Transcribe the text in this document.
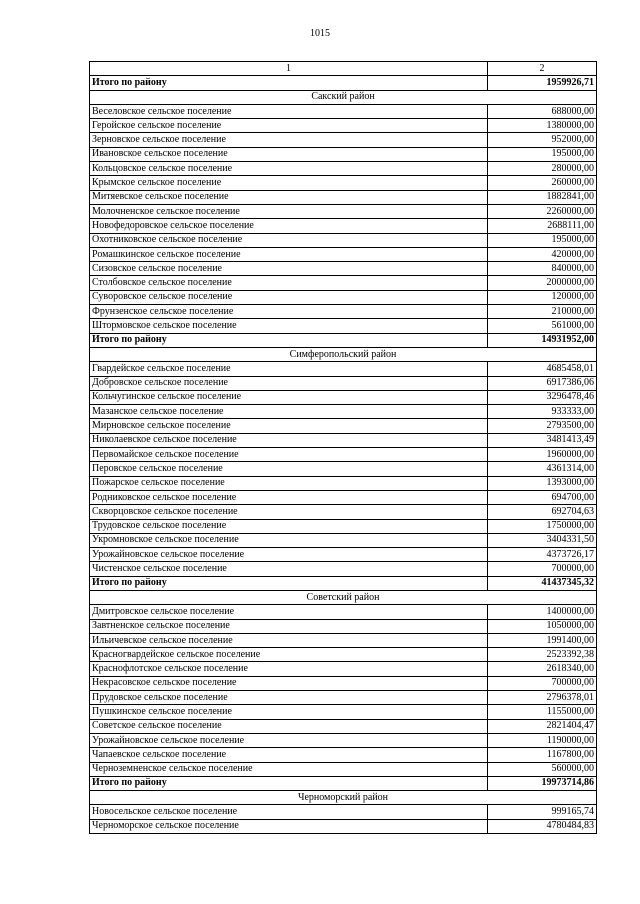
1015
1	2
Итого по району	1959926,71
Сакский район	
Веселовское сельское поселение	688000,00
Геройское сельское поселение	1380000,00
Зерновское сельское поселение	952000,00
Ивановское сельское поселение	195000,00
Кольцовское сельское поселение	280000,00
Крымское сельское поселение	260000,00
Митяевское сельское поселение	1882841,00
Молочненское сельское поселение	2260000,00
Новофедоровское сельское поселение	2688111,00
Охотниковское сельское поселение	195000,00
Ромашкинское сельское поселение	420000,00
Сизовское сельское поселение	840000,00
Столбовское сельское поселение	2000000,00
Суворовское сельское поселение	120000,00
Фрунзенское сельское поселение	210000,00
Штормовское сельское поселение	561000,00
Итого по району	14931952,00
Симферопольский район	
Гвардейское сельское поселение	4685458,01
Добровское сельское поселение	6917386,06
Кольчугинское сельское поселение	3296478,46
Мазанское сельское поселение	933333,00
Мирновское сельское поселение	2793500,00
Николаевское сельское поселение	3481413,49
Первомайское сельское поселение	1960000,00
Перовское сельское поселение	4361314,00
Пожарское сельское поселение	1393000,00
Родниковское сельское поселение	694700,00
Скворцовское сельское поселение	692704,63
Трудовское сельское поселение	1750000,00
Укромновское сельское поселение	3404331,50
Урожайновское сельское поселение	4373726,17
Чистенское сельское поселение	700000,00
Итого по району	41437345,32
Советский район	
Дмитровское сельское поселение	1400000,00
Завтненское сельское поселение	1050000,00
Ильичевское сельское поселение	1991400,00
Красногвардейское сельское поселение	2523392,38
Краснофлотское сельское поселение	2618340,00
Некрасовское сельское поселение	700000,00
Прудовское сельское поселение	2796378,01
Пушкинское сельское поселение	1155000,00
Советское сельское поселение	2821404,47
Урожайновское сельское поселение	1190000,00
Чапаевское сельское поселение	1167800,00
Черноземненское сельское поселение	560000,00
Итого по району	19973714,86
Черноморский район	
Новосельское сельское поселение	999165,74
Черноморское сельское поселение	4780484,83
